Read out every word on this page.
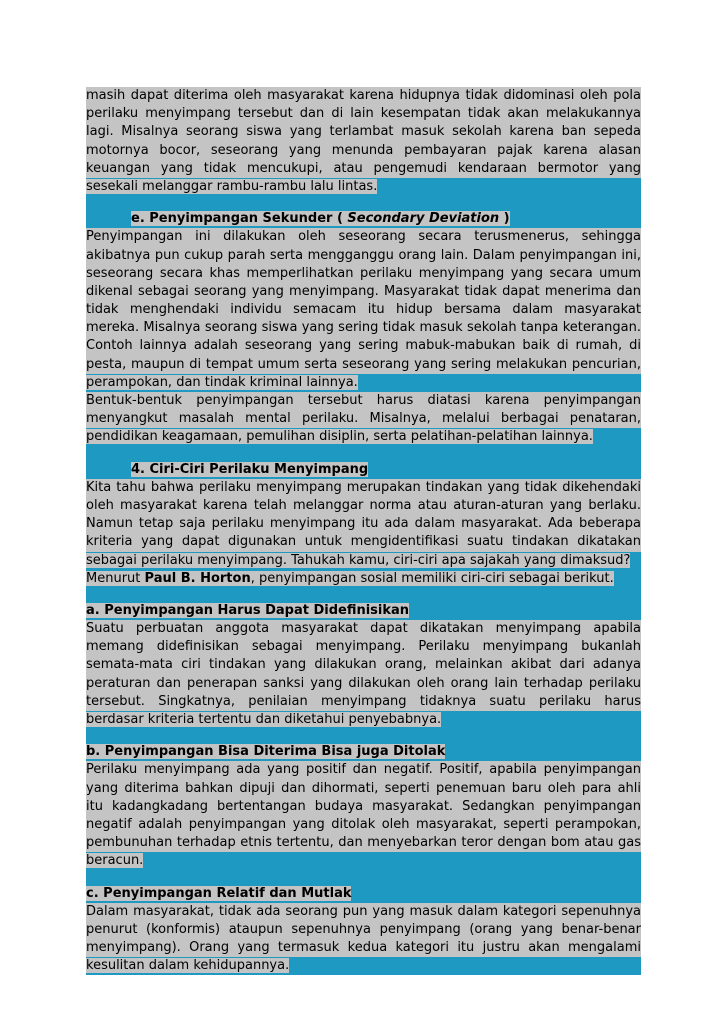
masih dapat diterima oleh masyarakat karena hidupnya tidak didominasi oleh pola
perilaku menyimpang tersebut dan di lain kesempatan tidak akan melakukannya
lagi. Misalnya seorang siswa yang terlambat masuk sekolah karena ban sepeda
motornya bocor, seseorang yang menunda pembayaran pajak karena alasan
keuangan yang tidak mencukupi, atau pengemudi kendaraan bermotor yang
sesekali melanggar rambu-rambu lalu lintas.
e. Penyimpangan Sekunder ( Secondary Deviation )
Penyimpangan ini dilakukan oleh seseorang secara terusmenerus, sehingga
akibatnya pun cukup parah serta mengganggu orang lain. Dalam penyimpangan ini,
seseorang secara khas memperlihatkan perilaku menyimpang yang secara umum
dikenal sebagai seorang yang menyimpang. Masyarakat tidak dapat menerima dan
tidak menghendaki individu semacam itu hidup bersama dalam masyarakat
mereka. Misalnya seorang siswa yang sering tidak masuk sekolah tanpa keterangan.
Contoh lainnya adalah seseorang yang sering mabuk-mabukan baik di rumah, di
pesta, maupun di tempat umum serta seseorang yang sering melakukan pencurian,
perampokan, dan tindak kriminal lainnya.
Bentuk-bentuk penyimpangan tersebut harus diatasi karena penyimpangan
menyangkut masalah mental perilaku. Misalnya, melalui berbagai penataran,
pendidikan keagamaan, pemulihan disiplin, serta pelatihan-pelatihan lainnya.
4. Ciri-Ciri Perilaku Menyimpang
Kita tahu bahwa perilaku menyimpang merupakan tindakan yang tidak dikehendaki
oleh masyarakat karena telah melanggar norma atau aturan-aturan yang berlaku.
Namun tetap saja perilaku menyimpang itu ada dalam masyarakat. Ada beberapa
kriteria yang dapat digunakan untuk mengidentifikasi suatu tindakan dikatakan
sebagai perilaku menyimpang. Tahukah kamu, ciri-ciri apa sajakah yang dimaksud?
Menurut Paul B. Horton, penyimpangan sosial memiliki ciri-ciri sebagai berikut.
a. Penyimpangan Harus Dapat Didefinisikan
Suatu perbuatan anggota masyarakat dapat dikatakan menyimpang apabila
memang didefinisikan sebagai menyimpang. Perilaku menyimpang bukanlah
semata-mata ciri tindakan yang dilakukan orang, melainkan akibat dari adanya
peraturan dan penerapan sanksi yang dilakukan oleh orang lain terhadap perilaku
tersebut. Singkatnya, penilaian menyimpang tidaknya suatu perilaku harus
berdasar kriteria tertentu dan diketahui penyebabnya.
b. Penyimpangan Bisa Diterima Bisa juga Ditolak
Perilaku menyimpang ada yang positif dan negatif. Positif, apabila penyimpangan
yang diterima bahkan dipuji dan dihormati, seperti penemuan baru oleh para ahli
itu kadangkadang bertentangan budaya masyarakat. Sedangkan penyimpangan
negatif adalah penyimpangan yang ditolak oleh masyarakat, seperti perampokan,
pembunuhan terhadap etnis tertentu, dan menyebarkan teror dengan bom atau gas
beracun.
c. Penyimpangan Relatif dan Mutlak
Dalam masyarakat, tidak ada seorang pun yang masuk dalam kategori sepenuhnya
penurut (konformis) ataupun sepenuhnya penyimpang (orang yang benar-benar
menyimpang). Orang yang termasuk kedua kategori itu justru akan mengalami
kesulitan dalam kehidupannya.
